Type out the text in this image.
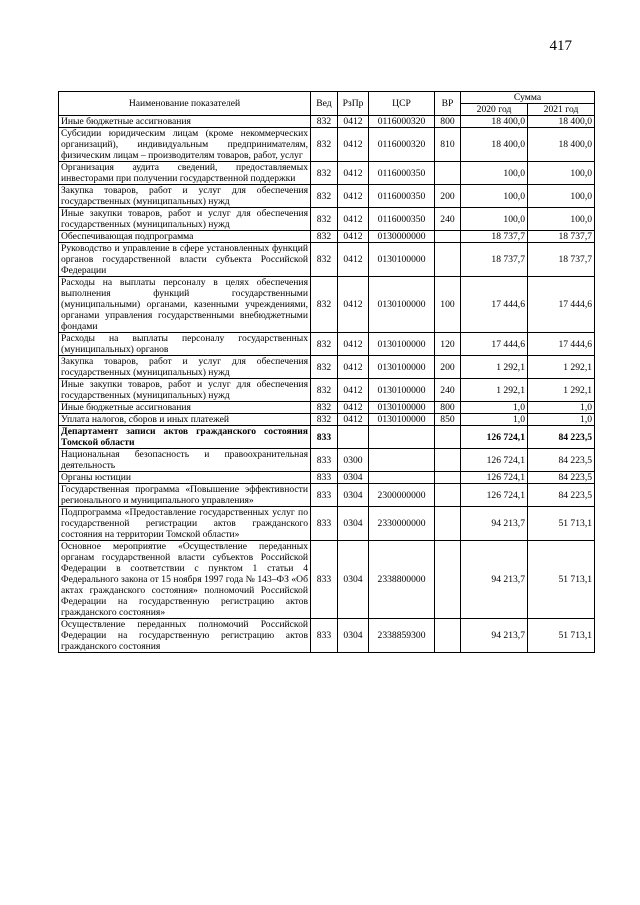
417
Наименование показателей	Вед	РзПр	ЦСР	ВР	Сумма	
					2020 год	2021 год
Иные бюджетные ассигнования	832	0412	0116000320	800	18 400,0	18 400,0
Субсидии юридическим лицам (кроме некоммерческих организаций), индивидуальным предпринимателям, физическим лицам – производителям товаров, работ, услуг	832	0412	0116000320	810	18 400,0	18 400,0
Организация аудита сведений, предоставляемых инвесторами при получении государственной поддержки	832	0412	0116000350		100,0	100,0
Закупка товаров, работ и услуг для обеспечения государственных (муниципальных) нужд	832	0412	0116000350	200	100,0	100,0
Иные закупки товаров, работ и услуг для обеспечения государственных (муниципальных) нужд	832	0412	0116000350	240	100,0	100,0
Обеспечивающая подпрограмма	832	0412	0130000000		18 737,7	18 737,7
Руководство и управление в сфере установленных функций органов государственной власти субъекта Российской Федерации	832	0412	0130100000		18 737,7	18 737,7
Расходы на выплаты персоналу в целях обеспечения выполнения функций государственными (муниципальными) органами, казенными учреждениями, органами управления государственными внебюджетными фондами	832	0412	0130100000	100	17 444,6	17 444,6
Расходы на выплаты персоналу государственных (муниципальных) органов	832	0412	0130100000	120	17 444,6	17 444,6
Закупка товаров, работ и услуг для обеспечения государственных (муниципальных) нужд	832	0412	0130100000	200	1 292,1	1 292,1
Иные закупки товаров, работ и услуг для обеспечения государственных (муниципальных) нужд	832	0412	0130100000	240	1 292,1	1 292,1
Иные бюджетные ассигнования	832	0412	0130100000	800	1,0	1,0
Уплата налогов, сборов и иных платежей	832	0412	0130100000	850	1,0	1,0
Департамент записи актов гражданского состояния Томской области	833				126 724,1	84 223,5
Национальная безопасность и правоохранительная деятельность	833	0300			126 724,1	84 223,5
Органы юстиции	833	0304			126 724,1	84 223,5
Государственная программа «Повышение эффективности регионального и муниципального управления»	833	0304	2300000000		126 724,1	84 223,5
Подпрограмма «Предоставление государственных услуг по государственной регистрации актов гражданского состояния на территории Томской области»	833	0304	2330000000		94 213,7	51 713,1
Основное мероприятие «Осуществление переданных органам государственной власти субъектов Российской Федерации в соответствии с пунктом 1 статьи 4 Федерального закона от 15 ноября 1997 года № 143–ФЗ «Об актах гражданского состояния» полномочий Российской Федерации на государственную регистрацию актов гражданского состояния»	833	0304	2338800000		94 213,7	51 713,1
Осуществление переданных полномочий Российской Федерации на государственную регистрацию актов гражданского состояния	833	0304	2338859300		94 213,7	51 713,1
